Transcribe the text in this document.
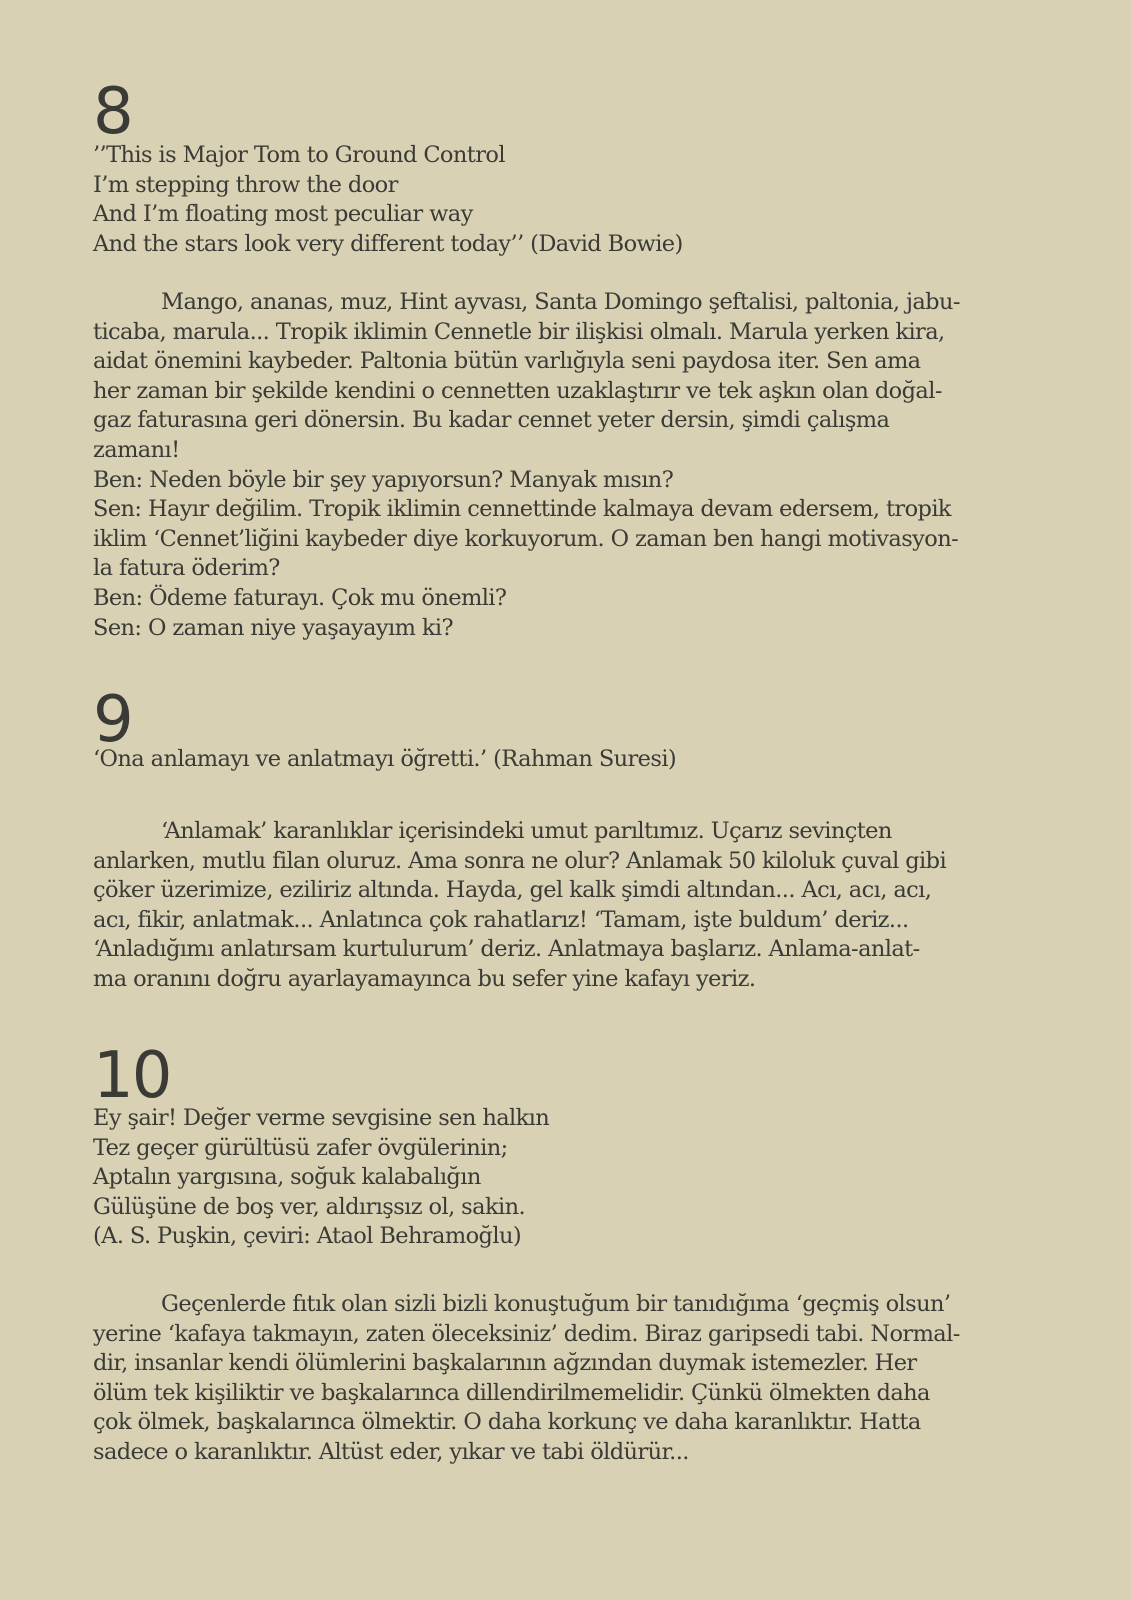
8
’’This is Major Tom to Ground Control
I’m stepping throw the door
And I’m floating most peculiar way
And the stars look very different today’’ (David Bowie)
Mango, ananas, muz, Hint ayvası, Santa Domingo şeftalisi, paltonia, jabu-
ticaba, marula... Tropik iklimin Cennetle bir ilişkisi olmalı. Marula yerken kira,
aidat önemini kaybeder. Paltonia bütün varlığıyla seni paydosa iter. Sen ama
her zaman bir şekilde kendini o cennetten uzaklaştırır ve tek aşkın olan doğal-
gaz faturasına geri dönersin. Bu kadar cennet yeter dersin, şimdi çalışma
zamanı!
Ben: Neden böyle bir şey yapıyorsun? Manyak mısın?
Sen: Hayır değilim. Tropik iklimin cennettinde kalmaya devam edersem, tropik
iklim ‘Cennet’liğini kaybeder diye korkuyorum. O zaman ben hangi motivasyon-
la fatura öderim?
Ben: Ödeme faturayı. Çok mu önemli?
Sen: O zaman niye yaşayayım ki?
9
‘Ona anlamayı ve anlatmayı öğretti.’ (Rahman Suresi)
‘Anlamak’ karanlıklar içerisindeki umut parıltımız. Uçarız sevinçten
anlarken, mutlu filan oluruz. Ama sonra ne olur? Anlamak 50 kiloluk çuval gibi
çöker üzerimize, eziliriz altında. Hayda, gel kalk şimdi altından... Acı, acı, acı,
acı, fikir, anlatmak... Anlatınca çok rahatlarız! ‘Tamam, işte buldum’ deriz...
‘Anladığımı anlatırsam kurtulurum’ deriz. Anlatmaya başlarız. Anlama-anlat-
ma oranını doğru ayarlayamayınca bu sefer yine kafayı yeriz.
10
Ey şair! Değer verme sevgisine sen halkın
Tez geçer gürültüsü zafer övgülerinin;
Aptalın yargısına, soğuk kalabalığın
Gülüşüne de boş ver, aldırışsız ol, sakin.
(A. S. Puşkin, çeviri: Ataol Behramoğlu)
Geçenlerde fıtık olan sizli bizli konuştuğum bir tanıdığıma ‘geçmiş olsun’
yerine ‘kafaya takmayın, zaten öleceksiniz’ dedim. Biraz garipsedi tabi. Normal-
dir, insanlar kendi ölümlerini başkalarının ağzından duymak istemezler. Her
ölüm tek kişiliktir ve başkalarınca dillendirilmemelidir. Çünkü ölmekten daha
çok ölmek, başkalarınca ölmektir. O daha korkunç ve daha karanlıktır. Hatta
sadece o karanlıktır. Altüst eder, yıkar ve tabi öldürür...
